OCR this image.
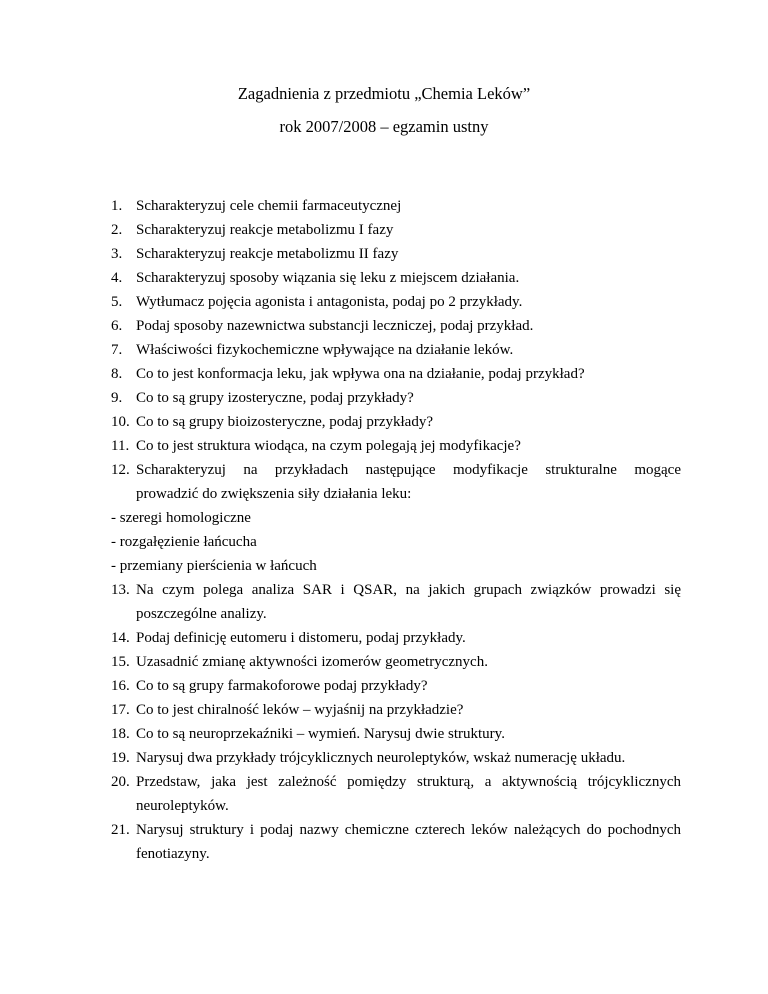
Zagadnienia z przedmiotu „Chemia Leków”
rok 2007/2008 – egzamin ustny
1. Scharakteryzuj cele chemii farmaceutycznej
2. Scharakteryzuj reakcje metabolizmu I fazy
3. Scharakteryzuj reakcje metabolizmu II fazy
4. Scharakteryzuj sposoby wiązania się leku z miejscem działania.
5. Wytłumacz pojęcia agonista i antagonista, podaj po 2 przykłady.
6. Podaj sposoby nazewnictwa substancji leczniczej, podaj przykład.
7. Właściwości fizykochemiczne wpływające na działanie leków.
8. Co to jest konformacja leku, jak wpływa ona na działanie, podaj przykład?
9. Co to są grupy izosteryczne, podaj przykłady?
10. Co to są grupy bioizosteryczne, podaj przykłady?
11. Co to jest struktura wiodąca, na czym polegają jej modyfikacje?
12. Scharakteryzuj na przykładach następujące modyfikacje strukturalne mogące
prowadzić do zwiększenia siły działania leku:
- szeregi homologiczne
- rozgałęzienie łańcucha
- przemiany pierścienia w łańcuch
13. Na czym polega analiza SAR i QSAR, na jakich grupach związków prowadzi się
poszczególne analizy.
14. Podaj definicję eutomeru i distomeru, podaj przykłady.
15. Uzasadnić zmianę aktywności izomerów geometrycznych.
16. Co to są grupy farmakoforowe podaj przykłady?
17. Co to jest chiralność leków – wyjaśnij na przykładzie?
18. Co to są neuroprzekaźniki – wymień. Narysuj dwie struktury.
19. Narysuj dwa przykłady trójcyklicznych neuroleptyków, wskaż numerację układu.
20. Przedstaw, jaka jest zależność pomiędzy strukturą, a aktywnością trójcyklicznych
neuroleptyków.
21. Narysuj struktury i podaj nazwy chemiczne czterech leków należących do pochodnych
fenotiazyny.
